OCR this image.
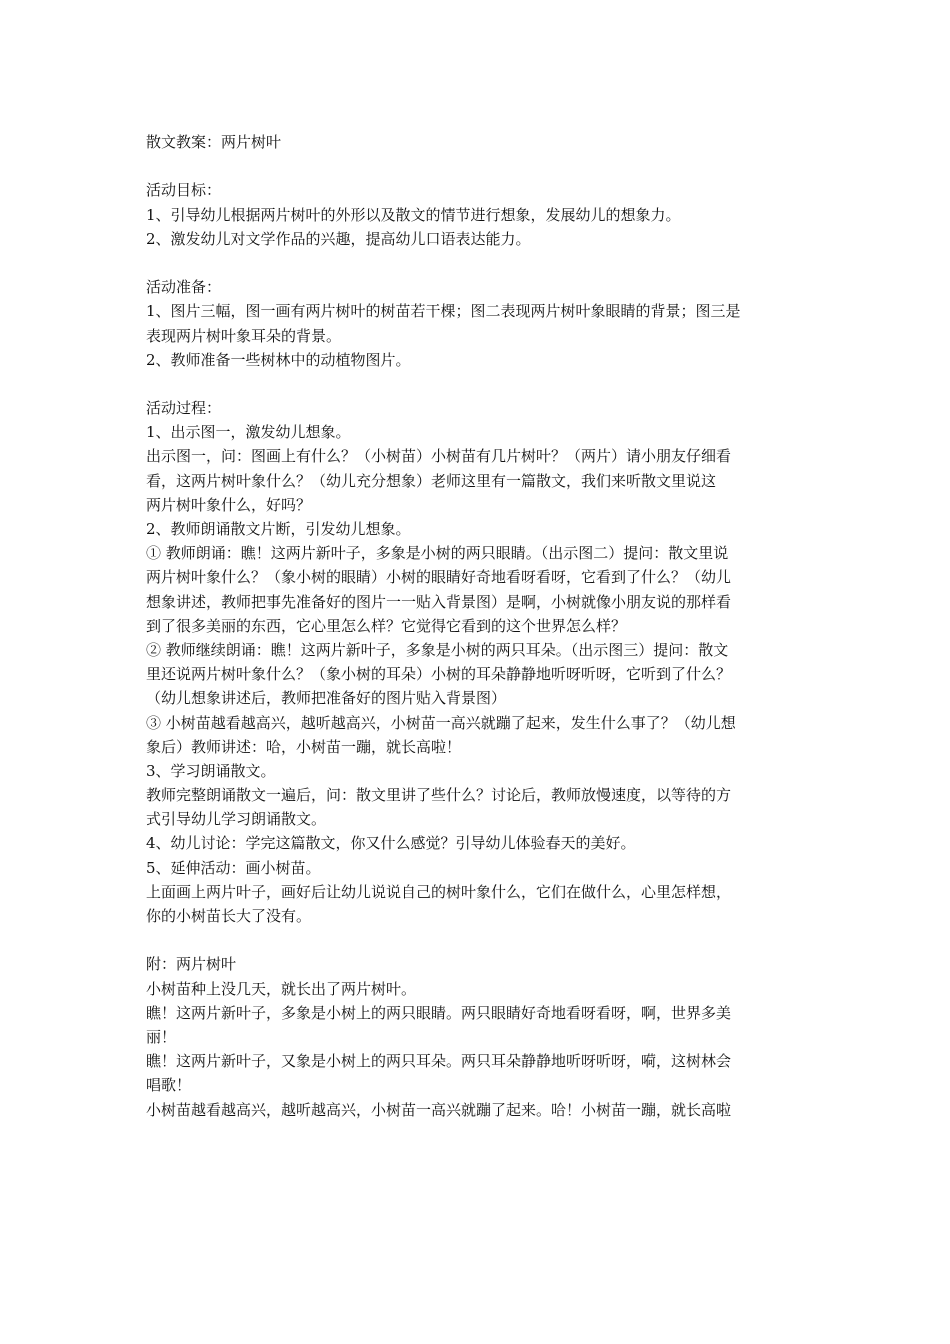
散文教案：两片树叶
活动目标：
1、引导幼儿根据两片树叶的外形以及散文的情节进行想象，发展幼儿的想象力。
2、激发幼儿对文学作品的兴趣，提高幼儿口语表达能力。
活动准备：
1、图片三幅，图一画有两片树叶的树苗若干棵；图二表现两片树叶象眼睛的背景；图三是
表现两片树叶象耳朵的背景。
2、教师准备一些树林中的动植物图片。
活动过程：
1、出示图一，激发幼儿想象。
出示图一，问：图画上有什么？（小树苗）小树苗有几片树叶？（两片）请小朋友仔细看
看，这两片树叶象什么？（幼儿充分想象）老师这里有一篇散文，我们来听散文里说这
两片树叶象什么，好吗？
2、教师朗诵散文片断，引发幼儿想象。
① 教师朗诵：瞧！这两片新叶子，多象是小树的两只眼睛。（出示图二）提问：散文里说
两片树叶象什么？（象小树的眼睛）小树的眼睛好奇地看呀看呀，它看到了什么？（幼儿
想象讲述，教师把事先准备好的图片一一贴入背景图）是啊，小树就像小朋友说的那样看
到了很多美丽的东西，它心里怎么样？它觉得它看到的这个世界怎么样？
② 教师继续朗诵：瞧！这两片新叶子，多象是小树的两只耳朵。（出示图三）提问：散文
里还说两片树叶象什么？（象小树的耳朵）小树的耳朵静静地听呀听呀，它听到了什么？
（幼儿想象讲述后，教师把准备好的图片贴入背景图）
③ 小树苗越看越高兴，越听越高兴，小树苗一高兴就蹦了起来，发生什么事了？（幼儿想
象后）教师讲述：哈，小树苗一蹦，就长高啦！
3、学习朗诵散文。
教师完整朗诵散文一遍后，问：散文里讲了些什么？讨论后，教师放慢速度，以等待的方
式引导幼儿学习朗诵散文。
4、幼儿讨论：学完这篇散文，你又什么感觉？引导幼儿体验春天的美好。
5、延伸活动：画小树苗。
上面画上两片叶子，画好后让幼儿说说自己的树叶象什么，它们在做什么，心里怎样想，
你的小树苗长大了没有。
附：两片树叶
小树苗种上没几天，就长出了两片树叶。
瞧！这两片新叶子，多象是小树上的两只眼睛。两只眼睛好奇地看呀看呀，啊，世界多美
丽！
瞧！这两片新叶子，又象是小树上的两只耳朵。两只耳朵静静地听呀听呀，嗬，这树林会
唱歌！
小树苗越看越高兴，越听越高兴，小树苗一高兴就蹦了起来。哈！小树苗一蹦，就长高啦
